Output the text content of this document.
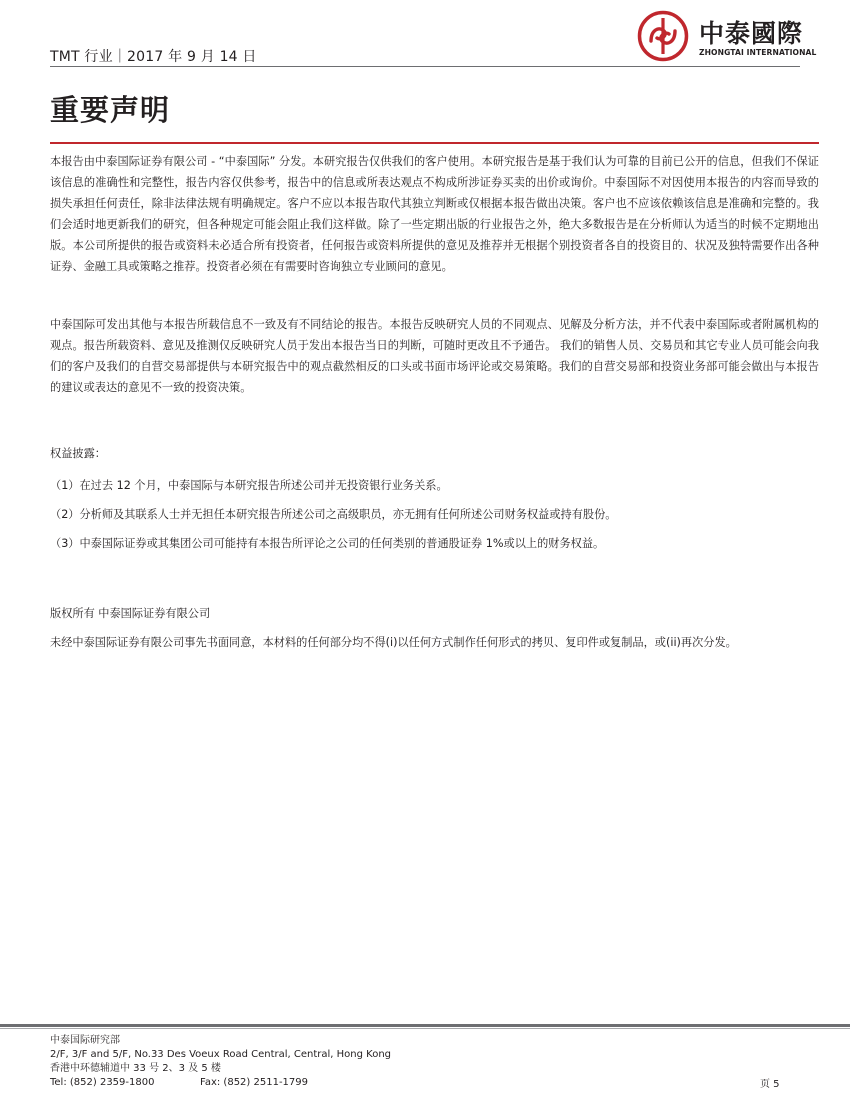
TMT 行业｜2017 年 9 月 14 日
中泰國際
ZHONGTAI INTERNATIONAL
重要声明

本报告由中泰国际证券有限公司 - “中泰国际” 分发。本研究报告仅供我们的客户使用。本研究报告是基于我们认为可靠的目前已公开的信息，但我们不保证该信息的准确性和完整性，报告内容仅供参考，报告中的信息或所表达观点不构成所涉证券买卖的出价或询价。中泰国际不对因使用本报告的内容而导致的损失承担任何责任，除非法律法规有明确规定。客户不应以本报告取代其独立判断或仅根据本报告做出决策。客户也不应该依赖该信息是准确和完整的。我们会适时地更新我们的研究，但各种规定可能会阻止我们这样做。除了一些定期出版的行业报告之外，绝大多数报告是在分析师认为适当的时候不定期地出版。本公司所提供的报告或资料未必适合所有投资者，任何报告或资料所提供的意见及推荐并无根据个别投资者各自的投资目的、状况及独特需要作出各种证券、金融工具或策略之推荐。投资者必须在有需要时咨询独立专业顾问的意见。

中泰国际可发出其他与本报告所载信息不一致及有不同结论的报告。本报告反映研究人员的不同观点、见解及分析方法，并不代表中泰国际或者附属机构的观点。报告所载资料、意见及推测仅反映研究人员于发出本报告当日的判断，可随时更改且不予通告。 我们的销售人员、交易员和其它专业人员可能会向我们的客户及我们的自营交易部提供与本研究报告中的观点截然相反的口头或书面市场评论或交易策略。我们的自营交易部和投资业务部可能会做出与本报告的建议或表达的意见不一致的投资决策。

权益披露：

（1）在过去 12 个月，中泰国际与本研究报告所述公司并无投资银行业务关系。

（2）分析师及其联系人士并无担任本研究报告所述公司之高级职员，亦无拥有任何所述公司财务权益或持有股份。

（3）中泰国际证券或其集团公司可能持有本报告所评论之公司的任何类别的普通股证券 1%或以上的财务权益。

版权所有 中泰国际证券有限公司

未经中泰国际证券有限公司事先书面同意，本材料的任何部分均不得(i)以任何方式制作任何形式的拷贝、复印件或复制品，或(ii)再次分发。

中泰国际研究部
2/F, 3/F and 5/F, No.33 Des Voeux Road Central, Central, Hong Kong
香港中环德辅道中 33 号 2、3 及 5 楼
Tel: (852) 2359-1800	Fax: (852) 2511-1799	页 5
